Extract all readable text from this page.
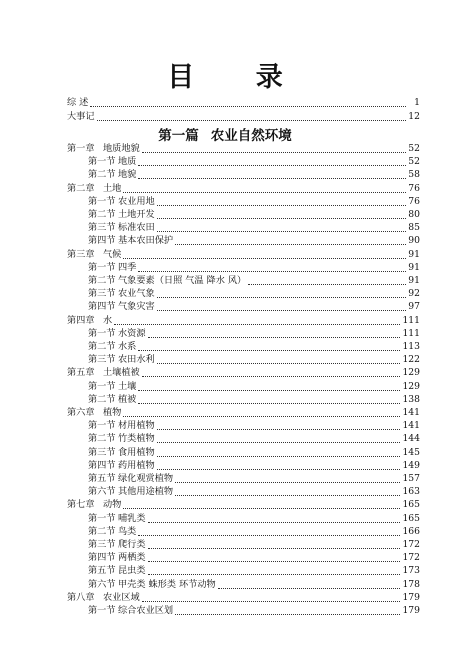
目 录
综 述	1
大事记	12
第一篇 农业自然环境
第一章 地质地貌	52
第一节 地质	52
第二节 地貌	58
第二章 土地	76
第一节 农业用地	76
第二节 土地开发	80
第三节 标准农田	85
第四节 基本农田保护	90
第三章 气候	91
第一节 四季	91
第二节 气象要素（日照 气温 降水 风）	91
第三节 农业气象	92
第四节 气象灾害	97
第四章 水	111
第一节 水资源	111
第二节 水系	113
第三节 农田水利	122
第五章 土壤植被	129
第一节 土壤	129
第二节 植被	138
第六章 植物	141
第一节 材用植物	141
第二节 竹类植物	144
第三节 食用植物	145
第四节 药用植物	149
第五节 绿化观赏植物	157
第六节 其他用途植物	163
第七章 动物	165
第一节 哺乳类	165
第二节 鸟类	166
第三节 爬行类	172
第四节 两栖类	172
第五节 昆虫类	173
第六节 甲壳类 蛛形类 环节动物	178
第八章 农业区域	179
第一节 综合农业区划	179
